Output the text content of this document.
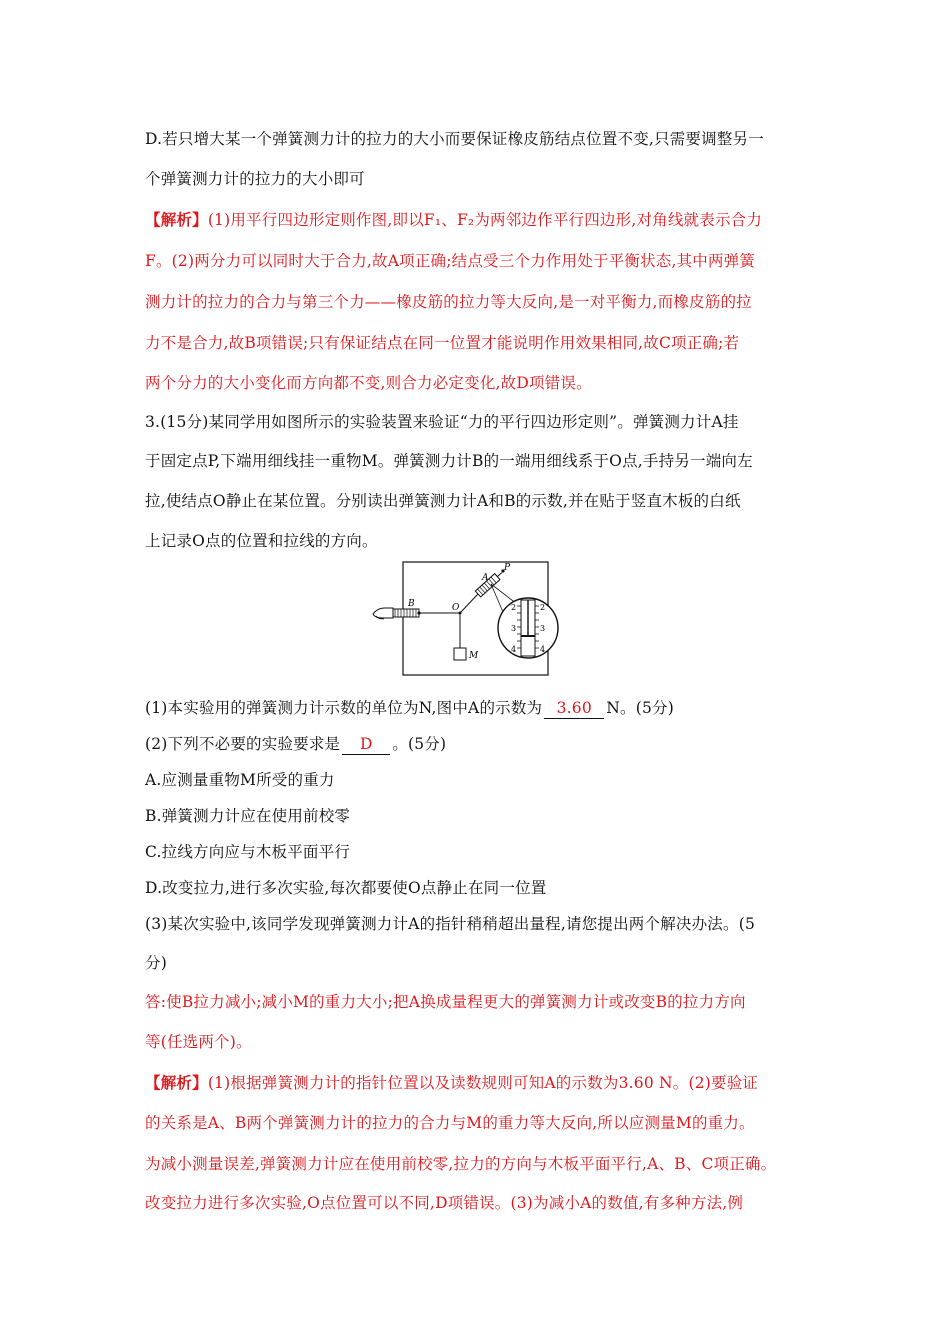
D.若只增大某一个弹簧测力计的拉力的大小而要保证橡皮筋结点位置不变,只需要调整另一
个弹簧测力计的拉力的大小即可
【解析】(1)用平行四边形定则作图,即以F₁、F₂为两邻边作平行四边形,对角线就表示合力
F。(2)两分力可以同时大于合力,故A项正确;结点受三个力作用处于平衡状态,其中两弹簧
测力计的拉力的合力与第三个力——橡皮筋的拉力等大反向,是一对平衡力,而橡皮筋的拉
力不是合力,故B项错误;只有保证结点在同一位置才能说明作用效果相同,故C项正确;若
两个分力的大小变化而方向都不变,则合力必定变化,故D项错误。
3.(15分)某同学用如图所示的实验装置来验证“力的平行四边形定则”。弹簧测力计A挂
于固定点P,下端用细线挂一重物M。弹簧测力计B的一端用细线系于O点,手持另一端向左
拉,使结点O静止在某位置。分别读出弹簧测力计A和B的示数,并在贴于竖直木板的白纸
上记录O点的位置和拉线的方向。
B	O
A
P
M
2
3
4
2
3
4
(1)本实验用的弹簧测力计示数的单位为N,图中A的示数为 3.60 N。(5分)
(2)下列不必要的实验要求是 D 。(5分)
A.应测量重物M所受的重力
B.弹簧测力计应在使用前校零
C.拉线方向应与木板平面平行
D.改变拉力,进行多次实验,每次都要使O点静止在同一位置
(3)某次实验中,该同学发现弹簧测力计A的指针稍稍超出量程,请您提出两个解决办法。(5
分)
答:使B拉力减小;减小M的重力大小;把A换成量程更大的弹簧测力计或改变B的拉力方向
等(任选两个)。
【解析】(1)根据弹簧测力计的指针位置以及读数规则可知A的示数为3.60 N。(2)要验证
的关系是A、B两个弹簧测力计的拉力的合力与M的重力等大反向,所以应测量M的重力。
为减小测量误差,弹簧测力计应在使用前校零,拉力的方向与木板平面平行,A、B、C项正确。
改变拉力进行多次实验,O点位置可以不同,D项错误。(3)为减小A的数值,有多种方法,例
